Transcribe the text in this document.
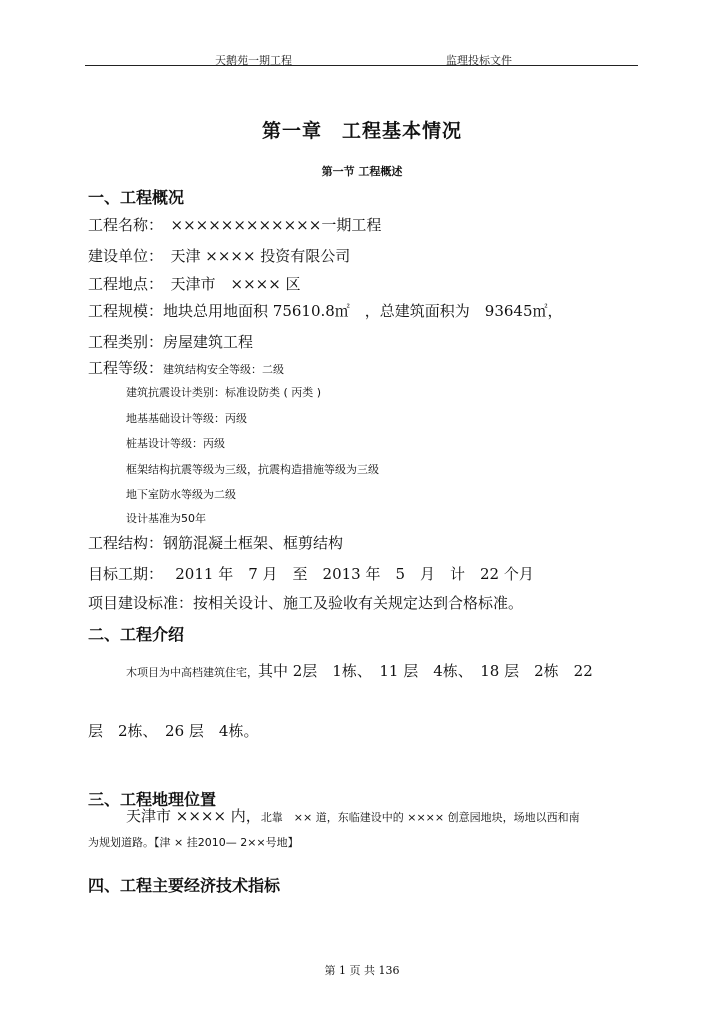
天鹅苑一期工程	监理投标文件
第一章　工程基本情况
第一节 工程概述
一、工程概况
工程名称：　××××××××××××一期工程
建设单位：　天津 ×××× 投资有限公司
工程地点：　天津市　×××× 区
工程规模：地块总用地面积 75610.8㎡　，总建筑面积为　93645㎡，
工程类别：房屋建筑工程
工程等级：建筑结构安全等级：二级
建筑抗震设计类别：标准设防类 ( 丙类 )
地基基础设计等级：丙级
桩基设计等级：丙级
框架结构抗震等级为三级，抗震构造措施等级为三级
地下室防水等级为二级
设计基准为50年
工程结构：钢筋混凝土框架、框剪结构
目标工期：　 2011 年　7 月　至　2013 年　5　月　计　22 个月
项目建设标准：按相关设计、施工及验收有关规定达到合格标准。
二、工程介绍
木项目为中高档建筑住宅，其中 2层　1栋、　11 层　4栋、　18 层　2栋　22
层　2栋、　26 层　4栋。
三、工程地理位置
天津市 ×××× 内，北靠　×× 道，东临建设中的 ×××× 创意园地块，场地以西和南
为规划道路。【津 × 挂2010— 2××号地】
四、工程主要经济技术指标
第 1 页 共 136
